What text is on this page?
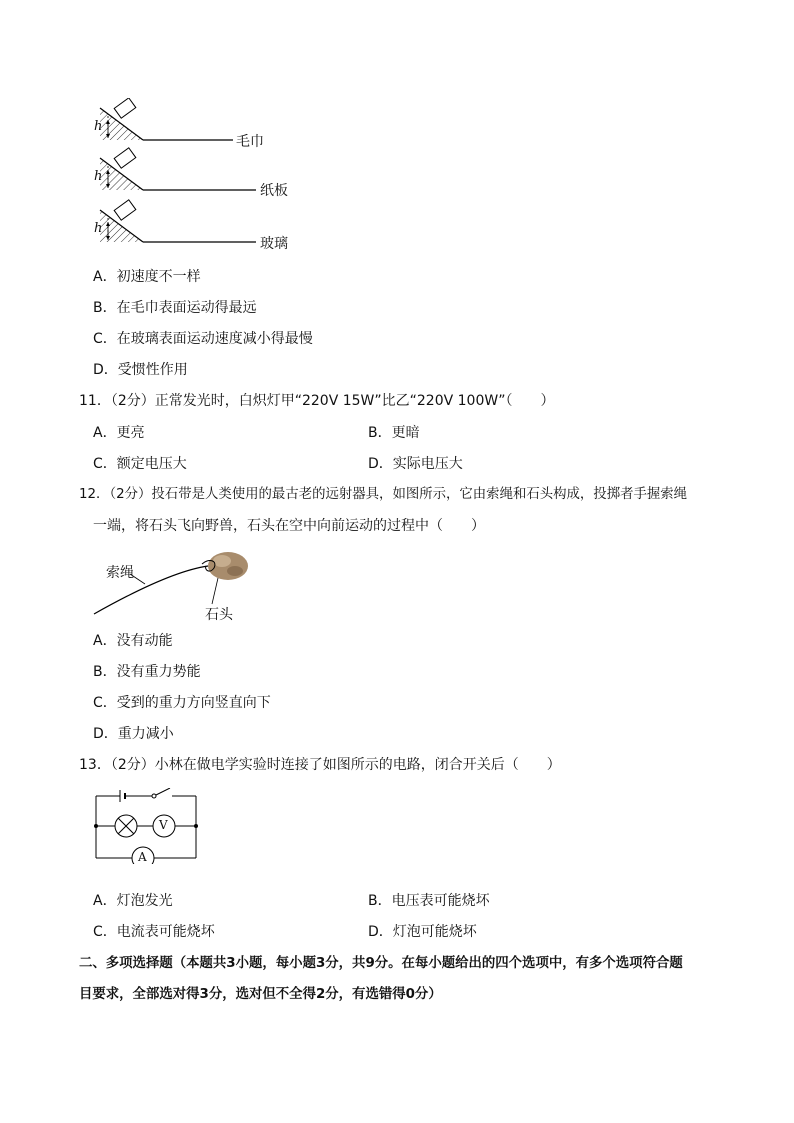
h
h
h
毛巾
纸板
玻璃
A．初速度不一样
B．在毛巾表面运动得最远
C．在玻璃表面运动速度减小得最慢
D．受惯性作用
11．（2分）正常发光时，白炽灯甲“220V 15W”比乙“220V 100W”（　　）
A．更亮	B．更暗
C．额定电压大	D．实际电压大
12．（2分）投石带是人类使用的最古老的远射器具，如图所示，它由索绳和石头构成，投掷者手握索绳
一端，将石头飞向野兽，石头在空中向前运动的过程中（　　）
索绳
石头
A．没有动能
B．没有重力势能
C．受到的重力方向竖直向下
D．重力减小
13．（2分）小林在做电学实验时连接了如图所示的电路，闭合开关后（　　）
V
A
A．灯泡发光	B．电压表可能烧坏
C．电流表可能烧坏	D．灯泡可能烧坏
二、多项选择题（本题共3小题，每小题3分，共9分。在每小题给出的四个选项中，有多个选项符合题
目要求，全部选对得3分，选对但不全得2分，有选错得0分）
